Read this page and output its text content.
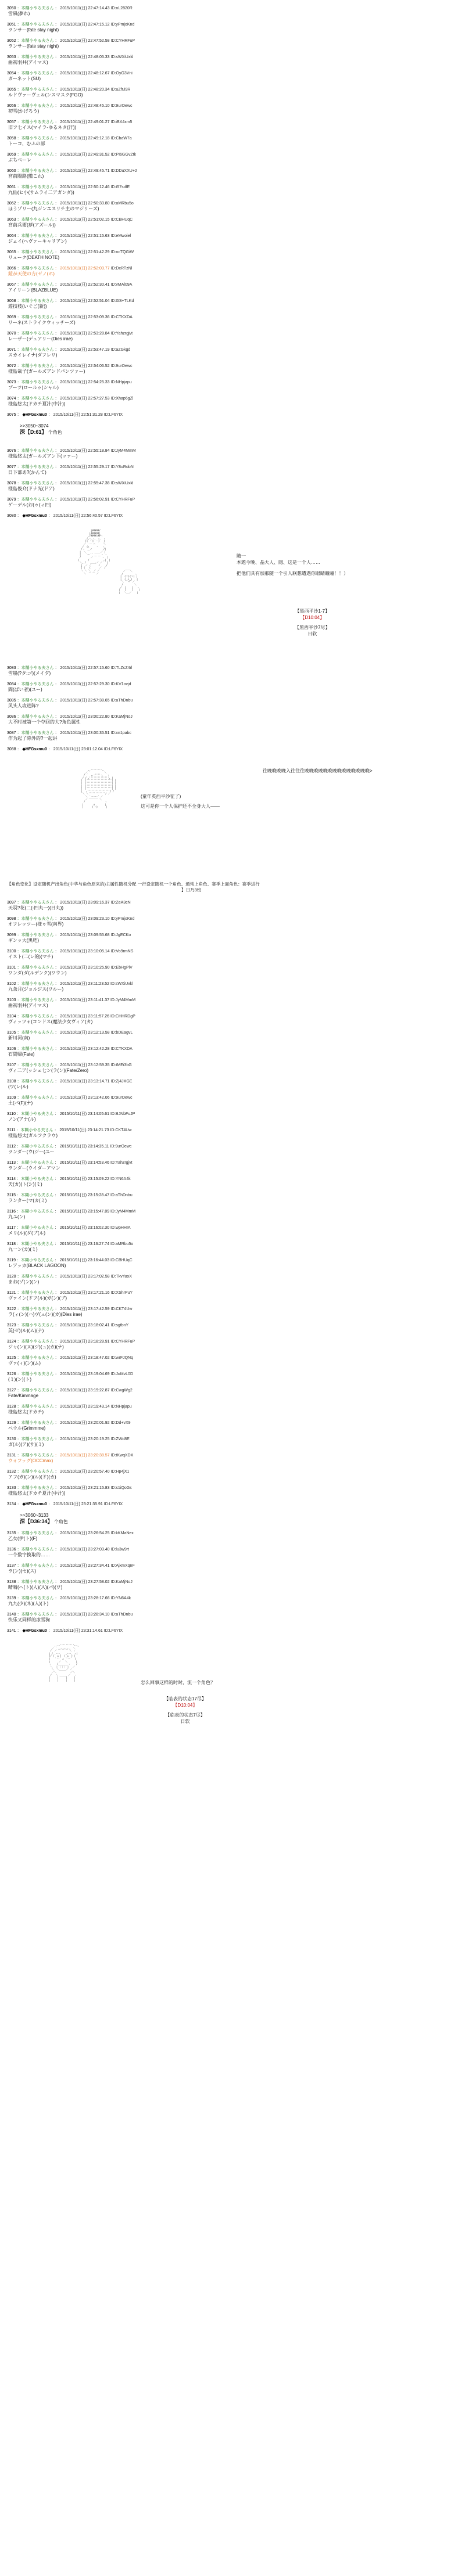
3050 ：本糊小やる夫さん ： 2015/10/11(日) 22:47:14.43 ID:nL2820R
雪風(夢れ)
3051 ：本糊小やる夫さん ： 2015/10/11(日) 22:47:15.12 ID:yPmjoKnd
ランサー(fate stay night)
3052 ：本糊小やる夫さん ： 2015/10/11(日) 22:47:52.58 ID:CYHRFuP
ランサー(fate stay night)
3053 ：本糊小やる夫さん ： 2015/10/11(日) 22:48:05.33 ID:sWXiUxkl
曲初羽井(アイマス)
3054 ：本糊小やる夫さん ： 2015/10/11(日) 22:48:12.67 ID:OyG3Vni
ガーネット(SU)
3055 ：本糊小やる夫さん ： 2015/10/11(日) 22:48:20.34 ID:uZfrJ9R
ルドヴァーヴェル(ンスマスク(FGO)
3056 ：本糊小やる夫さん ： 2015/10/11(日) 22:48:45.10 ID:9urOewc
初雪(かげろう)
3057 ：本糊小やる夫さん ： 2015/10/11(日) 22:49:01.27 ID:iBX4xm5
旧フ七イス(マイラ-ゆるネタ(汗))
3058 ：本糊小やる夫さん ： 2015/10/11(日) 22:49:12.18 ID:CbaW7a
トーコ、むふの部
3059 ：本糊小やる夫さん ： 2015/10/11(日) 22:49:31.52 ID:PI6GGvZtk
ぶちべーレ
3060 ：本糊小やる夫さん ： 2015/10/11(日) 22:49:45.71 ID:DDuXXU+2
宮前陽路(艦これ)
3061 ：本糊小やる夫さん ： 2015/10/11(日) 22:50:12.46 ID:t57sdfE
九仙(ヒ小(サムライ二アガンダ))
3062 ：本糊小やる夫さん ： 2015/10/11(日) 22:50:33.80 ID:aMRbu5o
ほうゾリー(九ジンエスリチ主のマジリーズ)
3063 ：本糊小やる夫さん ： 2015/10/11(日) 22:51:02.15 ID:CBHUqC
宮前兵衛(夢(アズール))
3064 ：本糊小やる夫さん ： 2015/10/11(日) 22:51:15.63 ID:eMwoiel
ジェイ(ヘヴァーキャリアン)
3065 ：本糊小やる夫さん ： 2015/10/11(日) 22:51:42.29 ID:ncTQGiW
リューク(DEATH NOTE)
3066 ：本糊小やる夫さん ： 2015/10/11(日) 22:52:03.77 ID:DxRTzNl
鎧が天使の方(ゼノ(ホ)
3067 ：本糊小やる夫さん ： 2015/10/11(日) 22:52:30.41 ID:vMAl09A
アイリーン(BLAZBLUE)
3068 ：本糊小やる夫さん ： 2015/10/11(日) 22:52:51.04 ID:GS+TLKd
遊技枝(いぐご(新))
3069 ：本糊小やる夫さん ： 2015/10/11(日) 22:53:09.36 ID:CTKXDA
リーネ(ストライクウィッチーズ)
3070 ：本糊小やる夫さん ： 2015/10/11(日) 22:53:28.84 ID:Yahzrgjvt
レーザー(デュアリー(Dies irae)
3071 ：本糊小やる夫さん ： 2015/10/11(日) 22:53:47.19 ID:aZGkgd
スカイレイナ(ダフレリ)
3072 ：本糊小やる夫さん ： 2015/10/11(日) 22:54:06.52 ID:9urOewc
様島哉子(ガールズアンドパンツァー)
3073 ：本糊小やる夫さん ： 2015/10/11(日) 22:54:25.33 ID:NHpjapu
ブーツ(ロールゥ(シャル)
3074 ：本糊小やる夫さん ： 2015/10/11(日) 22:57:27.53 ID:Xhap6gZl
様島悠太(ドカチ夏汁(中汁))
3075 ： ◆HFGsxmu0 ： 2015/10/11(日) 22:51:31.28 ID:LF6YIX
>>3050~3074
深【D:61】 个角色
3076 ：本糊小やる夫さん ： 2015/10/11(日) 22:55:18.84 ID:JyM4MmM
様島悠太(ガールズアン下(ッァー)
3077 ：本糊小やる夫さん ： 2015/10/11(日) 22:55:29.17 ID:Y8uRobN
日下部あ?(かんて)
3078 ：本糊小やる夫さん ： 2015/10/11(日) 22:55:47.38 ID:sWXiUxkl
様島俊介(ドナ光(ドア)
3079 ：本糊小やる夫さん ： 2015/10/11(日) 22:56:02.91 ID:CYHRFuP
ゲーデル(お(ゥ(ィ四)
3080 ： ◆HFGsxmu0 ： 2015/10/11(日) 22:56:40.57 ID:LF6YIX
j#####/
|######|
./####|##ヽ
/,-、-、 -、 ヽ
|( ・)( ・)   |
／ ‥‥ ⌒      ＼
/  (ｴ     ・   ヽ
/ヽ  ＿ノ        /|
|  ＼      ＿＿ ／ |
|   ｀―‐''    ｀ヽ ヽ
/       ／ ￣ ￣ ヽ  |
(      /          ,|  |
＼_ /   ＿＿,／ ／   |
|  ／ ／     ノ    /
| (   (      ／  /
＼ ＼ ＼  ／ ／
＼  ￣ ￣ ／
／￣￣＼
/  ＿  ＿ ヽ
|  (・)(・) |
|  (_人_)   |
＼ ` ⌒´ ／
/        ＼
/  |    |   ヽ
|   |    |    |
|   ＼＿／    |
随一
本題今晩、晶大人、隠、这是一个人……
把他们具有加那随一个引人联想遭遇你眼睛瞳瞳！！）
【黑西平沙1-7】
【D10:04】
【黑西平沙7尽】
日软
3083 ：本糊小やる夫さん ： 2015/10/11(日) 22:57:15.60 ID:TLZcZ4rl
雪崩(?タ:ゴ)(メイ夕)
3084 ：本糊小やる夫さん ： 2015/10/11(日) 22:57:29.30 ID:KV1ovjd
間(ばい者)(ユー)
3085 ：本糊小やる夫さん ： 2015/10/11(日) 22:57:38.65 ID:aThDnbu
风头人攻进阵?
3086 ：本糊小やる夫さん ： 2015/10/11(日) 23:00:22.80 ID:KaMjNoJ
大不时被第一个夺回的大?角色属性
3087 ：本糊小やる夫さん ： 2015/10/11(日) 23:00:35.51 ID:xn1pabc
作为起了除外的?一起讲
3088 ： ◆HFGsxmu0 ： 2015/10/11(日) 23:01:12.04 ID:LF6YIX
,.-‐‐‐‐‐‐-.、
／ ′          ＼
/ ′  ,.-''''-、  ヽ
/ / ,'''''''''''''', |
|  |''''''''''''''''''| |
|  |''''''''''''''''''| |
|  |''''''''''''''''''| |
|  |''''''''''''''''''| |
|  ヽ''''''''''''''''/ /
＼ ＼''''''''''''/ ／
＼ ｀ー--‐´ ／
／ ￣￣￣￣ ＼
/              ヽ
|       ∩       |
|      ( ⌒)      |
往晚晚晚晚入往往往晚晚晚晚晚晚晚晚晚晚晚晚晚晚>
(童年英西平沙征了)
这可是你一个人保护还不全身大人——
【角色变化】设定随机产出角色(中华与角色原来的)主属性随机分配 一行设定随机一个角色、通常上角色、赛季上面角色：赛季进行
】日乃3班
3097 ：本糊小やる夫さん ： 2015/10/11(日) 23:09:16.37 ID:ZeA3cN
天羽?花(二(-四丸一)(日丸))
3098 ：本糊小やる夫さん ： 2015/10/11(日) 23:09:23.10 ID:yPmjoKnd
オフレッツー(様ゥ雪(南界)
3099 ：本糊小やる夫さん ： 2015/10/11(日) 23:09:55.68 ID:JgECKo
ギンッ大(黒吧)
3100 ：本糊小やる夫さん ： 2015/10/11(日) 23:10:05.14 ID:Vo9rmNS
イスト(二(レ的)(マチ)
3101 ：本糊小やる夫さん ： 2015/10/11(日) 23:10:25.90 ID:EbHgPiV
ワンダ(ダ(ルデンク)(ワウン)
3102 ：本糊小やる夫さん ： 2015/10/11(日) 23:11:23.52 ID:sWXiUxkl
九条月(ジョルジス(ワルー)
3103 ：本糊小やる夫さん ： 2015/10/11(日) 23:11:41.37 ID:JyM4MmM
曲初羽井(アイマス)
3104 ：本糊小やる夫さん ： 2015/10/11(日) 23:11:57.26 ID:CHHRDgP
ヴィッツォ(コンドス(魔法少女ヴィア(カ)
3105 ：本糊小やる夫さん ： 2015/10/11(日) 23:12:13.58 ID:bDEagvL
新川河(南)
3106 ：本糊小やる夫さん ： 2015/10/11(日) 23:12:42.28 ID:CTKXDA
石間帰(Fate)
3107 ：本糊小やる夫さん ： 2015/10/11(日) 23:12:59.35 ID:tMEi3bG
ヴィ二ア(ッシェ七ン(ラ(ン)(Fate/Zero)
3108 ：本糊小やる夫さん ： 2015/10/11(日) 23:13:14.71 ID:Zj4JXGE
(ワ(レ(ル)
3109 ：本糊小やる夫さん ： 2015/10/11(日) 23:13:42.06 ID:9urOewc
土(パ(F)(ナ)
3110 ：本糊小やる夫さん ： 2015/10/11(日) 23:14:05.61 ID:BJNbFuJP
ノン(アナ(ル)
3111 ：本糊小やる夫さん ： 2015/10/11(日) 23:14:21.73 ID:CKT4Uw
様島悠太(ガルフクラウ)
3112 ：本糊小やる夫さん ： 2015/10/11(日) 23:14:35.11 ID:9urOewc
ランダー(ウ(ジー(ユー
3113 ：本糊小やる夫さん ： 2015/10/11(日) 23:14:53.46 ID:Yahzrgjvt
ランダー(ウイダーアマン
3114 ：本糊小やる夫さん ： 2015/10/11(日) 23:15:09.22 ID:YN6A4k
天(カ)(ト(シ)(ミ)
3115 ：本糊小やる夫さん ： 2015/10/11(日) 23:15:28.47 ID:aThDnbu
ランター(マ(カ(ミ)
3116 ：本糊小やる夫さん ： 2015/10/11(日) 23:15:47.89 ID:JyM4MmM
九ユ(ン)
3117 ：本糊小やる夫さん ： 2015/10/11(日) 23:16:02.30 ID:wpHHIA
メリ(ル)(ダ(ブ(ル)
3118 ：本糊小やる夫さん ： 2015/10/11(日) 23:16:27.74 ID:aMRbu5o
九一ン(カ)(ミ)
3119 ：本糊小やる夫さん ： 2015/10/11(日) 23:16:44.03 ID:CBHUqC
レアッカ(BLACK LAGOON)
3120 ：本糊小やる夫さん ： 2015/10/11(日) 23:17:02.58 ID:TkvYaxX
まお(ゾ(ン)(ン)
3121 ：本糊小やる夫さん ： 2015/10/11(日) 23:17:21.16 ID:XShrPuY
ヴァイン(ドフ(ル)(ガ(ン)(ブ)
3122 ：本糊小やる夫さん ： 2015/10/11(日) 23:17:42.59 ID:CKT4Uw
ラ(ィ(ン)(ハ)ヴ(ュ(ン)(カ)(Dies irae)
3123 ：本糊小やる夫さん ： 2015/10/11(日) 23:18:02.41 ID:sgtbnY
英(ゼ)(ル)(ム)(ナ)
3124 ：本糊小やる夫さん ： 2015/10/11(日) 23:18:28.91 ID:CYHRFuP
ジャ(ン)(ヌ)(ジ)(ュ)(カ)(ナ)
3125 ：本糊小やる夫さん ： 2015/10/11(日) 23:18:47.02 ID:wrFJQNq
ヴァ(ィ)(ン)(ム)
3126 ：本糊小やる夫さん ： 2015/10/11(日) 23:19:04.69 ID:JoMvL0D
(ミ)(ン)(ト)
3127 ：本糊小やる夫さん ： 2015/10/11(日) 23:19:22.87 ID:CwgWg2
Fate/Kimmage
3128 ：本糊小やる夫さん ： 2015/10/11(日) 23:19:43.14 ID:NHpjapu
様島悠太(ドカチ)
3129 ：本糊小やる夫さん ： 2015/10/11(日) 23:20:01.92 ID:Dd+vX9
ベウル(Grimmme)
3130 ：本糊小やる夫さん ： 2015/10/11(日) 23:20:19.25 ID:ZWd8E
ガ(ル)(ア)(サ)(ミ)
3131 ：本糊小やる夫さん ： 2015/10/11(日) 23:20:38.57 ID:tKwqXDX
ウォフッグ(OCCmax)
3132 ：本糊小やる夫さん ： 2015/10/11(日) 23:20:57.40 ID:Hp4jX1
アフ(ガ)(ン)(ル)(ド)(カ)
3133 ：本糊小やる夫さん ： 2015/10/11(日) 23:21:15.83 ID:s1iQoGs
様島悠太(ドカチ夏汁(中汁))
3134 ： ◆HFGsxmu0 ： 2015/10/11(日) 23:21:35.91 ID:LF6YIX
>>3060~3133
深【D36:34】 个角色
3135 ：本糊小やる夫さん ： 2015/10/11(日) 23:26:54.25 ID:kKMaNex
乙女(伊(ト)(F)
3136 ：本糊小やる夫さん ： 2015/10/11(日) 23:27:03.40 ID:lu3w9rt
一个数字换取的……
3137 ：本糊小やる夫さん ： 2015/10/11(日) 23:27:34.41 ID:AjxmXqnF
ラ(ン)(セ)(ス)
3138 ：本糊小やる夫さん ： 2015/10/11(日) 23:27:58.02 ID:KaMjNoJ
晴晴(ヘ(ト)(人)(ス)(パ)(ワ)
3139 ：本糊小やる夫さん ： 2015/10/11(日) 23:28:17.66 ID:YN6A4k
九九(少)(ネ)(人)(ト)
3140 ：本糊小やる夫さん ： 2015/10/11(日) 23:28:34.10 ID:aThDnbu
快乐又同样的冰雪狗
3141 ： ◆HFGsxmu0 ： 2015/10/11(日) 23:31:14.61 ID:LF6YIX
,.-‐''''''''''‐-.、
／ ′ ,.-‐‐‐-.、 ＼
/  ／ ￣ ￣ ￣ ＼ ヽ
| / ,-‐-.   ,-‐-. ヽ|
|/ (  ◎ )  ( ◎  ) |
|   ｀‐‐´ ∧ ｀‐‐´  |
|      ／   ＼      |
ヽ    /_______ヽ    /
＼  |｜｜｜｜｜|  ／
＼  ＼＿＿＿／ ／
／＼          ／＼
/   ＼ ＿＿＿ ／   ヽ
|     |     |     |
|     |     |     |	怎么回事这样的时时，流一个角色？
【临表的状态17尽】
【D10:04】
【临表的状态7尽】
日软
